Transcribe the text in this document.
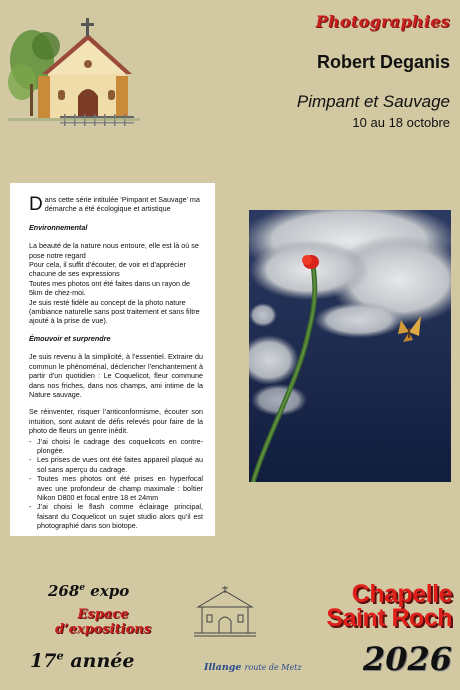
Photographies
Robert Deganis
Pimpant et Sauvage
10 au 18 octobre

Dans cette série intitulée ‘Pimpant et Sauvage’ ma démarche a été écologique et artistique

Environnemental

La beauté de la nature nous entoure, elle est là où se pose notre regard
Pour cela, il suffit d’écouter, de voir et d’apprécier chacune de ses expressions
Toutes mes photos ont été faites dans un rayon de 5km de chez-moi.
Je suis resté fidèle au concept de la photo nature (ambiance naturelle sans post traitement et sans filtre ajouté à la prise de vue).

Émouvoir et surprendre

Je suis revenu à la simplicité, à l’essentiel. Extraire du commun le phénoménal, déclencher l’enchantement à partir d’un quotidien : Le Coquelicot, fleur commune dans nos friches, dans nos champs, ami intime de la Nature sauvage.

Se réinventer, risquer l’anticonformisme, écouter son intuition, sont autant de défis relevés pour faire de la photo de fleurs un genre inédit.

- J’ai choisi le cadrage des coquelicots en contre-plongée.
- Les prises de vues ont été faites appareil plaqué au sol sans aperçu du cadrage.
- Toutes mes photos ont été prises en hyperfocal avec une profondeur de champ maximale : boîtier Nikon D800 et focal entre 18 et 24mm
- J’ai choisi le flash comme éclairage principal, faisant du Coquelicot un sujet studio alors qu’il est photographié dans son biotope.
268e expo
Espace
d’expositions
17e année	Illange route de Metz
Chapelle
Saint Roch
2026
